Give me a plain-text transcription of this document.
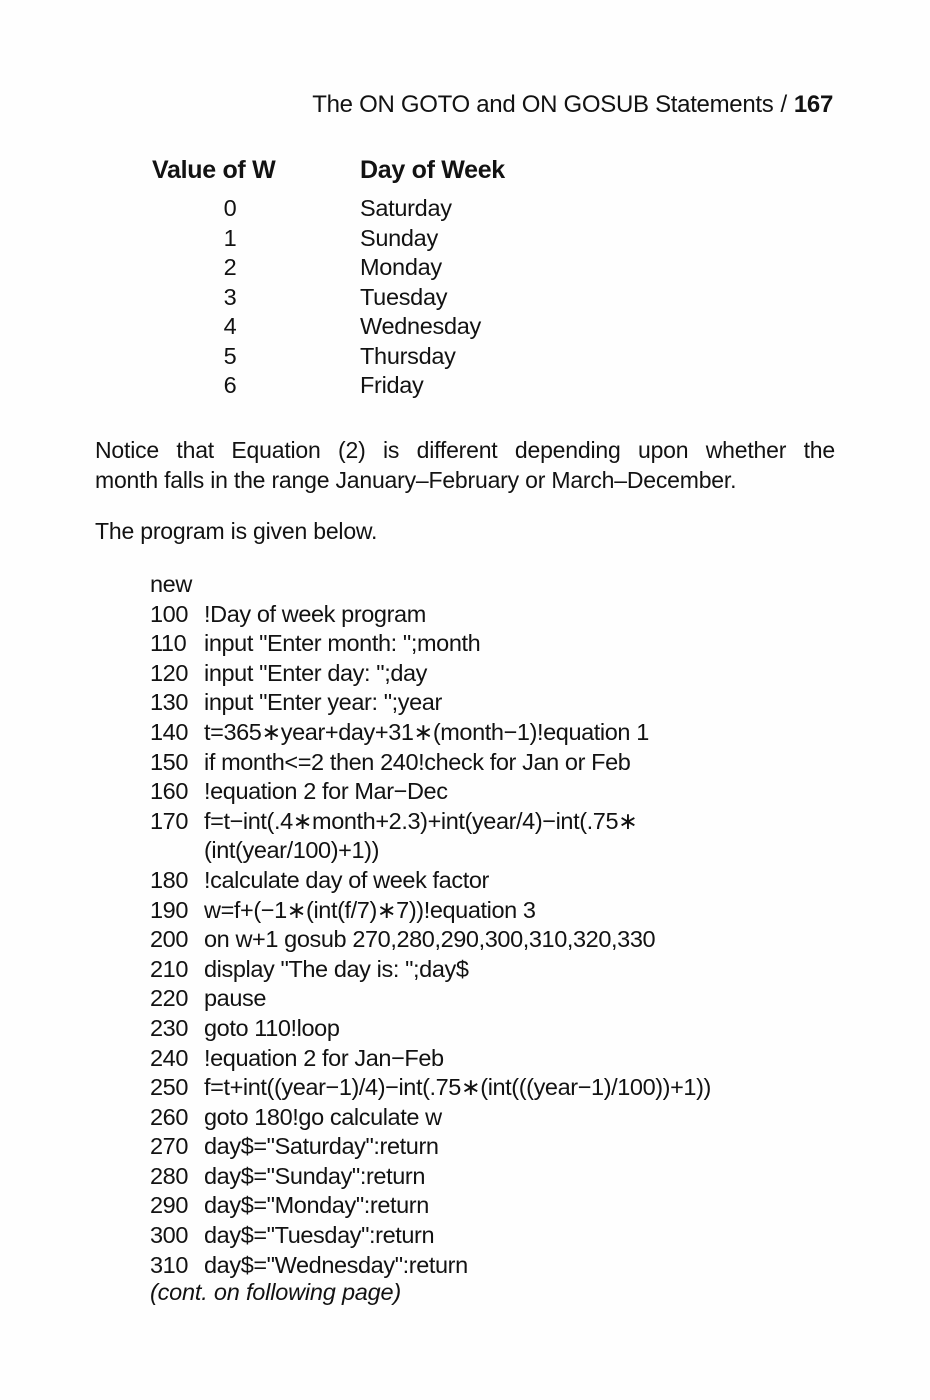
The ON GOTO and ON GOSUB Statements / 167
Value of W	Day of Week
0	Saturday
1	Sunday
2	Monday
3	Tuesday
4	Wednesday
5	Thursday
6	Friday
Notice that Equation (2) is different depending upon whether the
month falls in the range January–February or March–December.
The program is given below.
new
100 !Day of week program
110 input "Enter month: ";month
120 input "Enter day: ";day
130 input "Enter year: ";year
140 t=365∗year+day+31∗(month−1)!equation 1
150 if month<=2 then 240!check for Jan or Feb
160 !equation 2 for Mar−Dec
170 f=t−int(.4∗month+2.3)+int(year/4)−int(.75∗
(int(year/100)+1))
180 !calculate day of week factor
190 w=f+(−1∗(int(f/7)∗7))!equation 3
200 on w+1 gosub 270,280,290,300,310,320,330
210 display "The day is: ";day$
220 pause
230 goto 110!loop
240 !equation 2 for Jan−Feb
250 f=t+int((year−1)/4)−int(.75∗(int(((year−1)/100))+1))
260 goto 180!go calculate w
270 day$="Saturday":return
280 day$="Sunday":return
290 day$="Monday":return
300 day$="Tuesday":return
310 day$="Wednesday":return
(cont. on following page)
